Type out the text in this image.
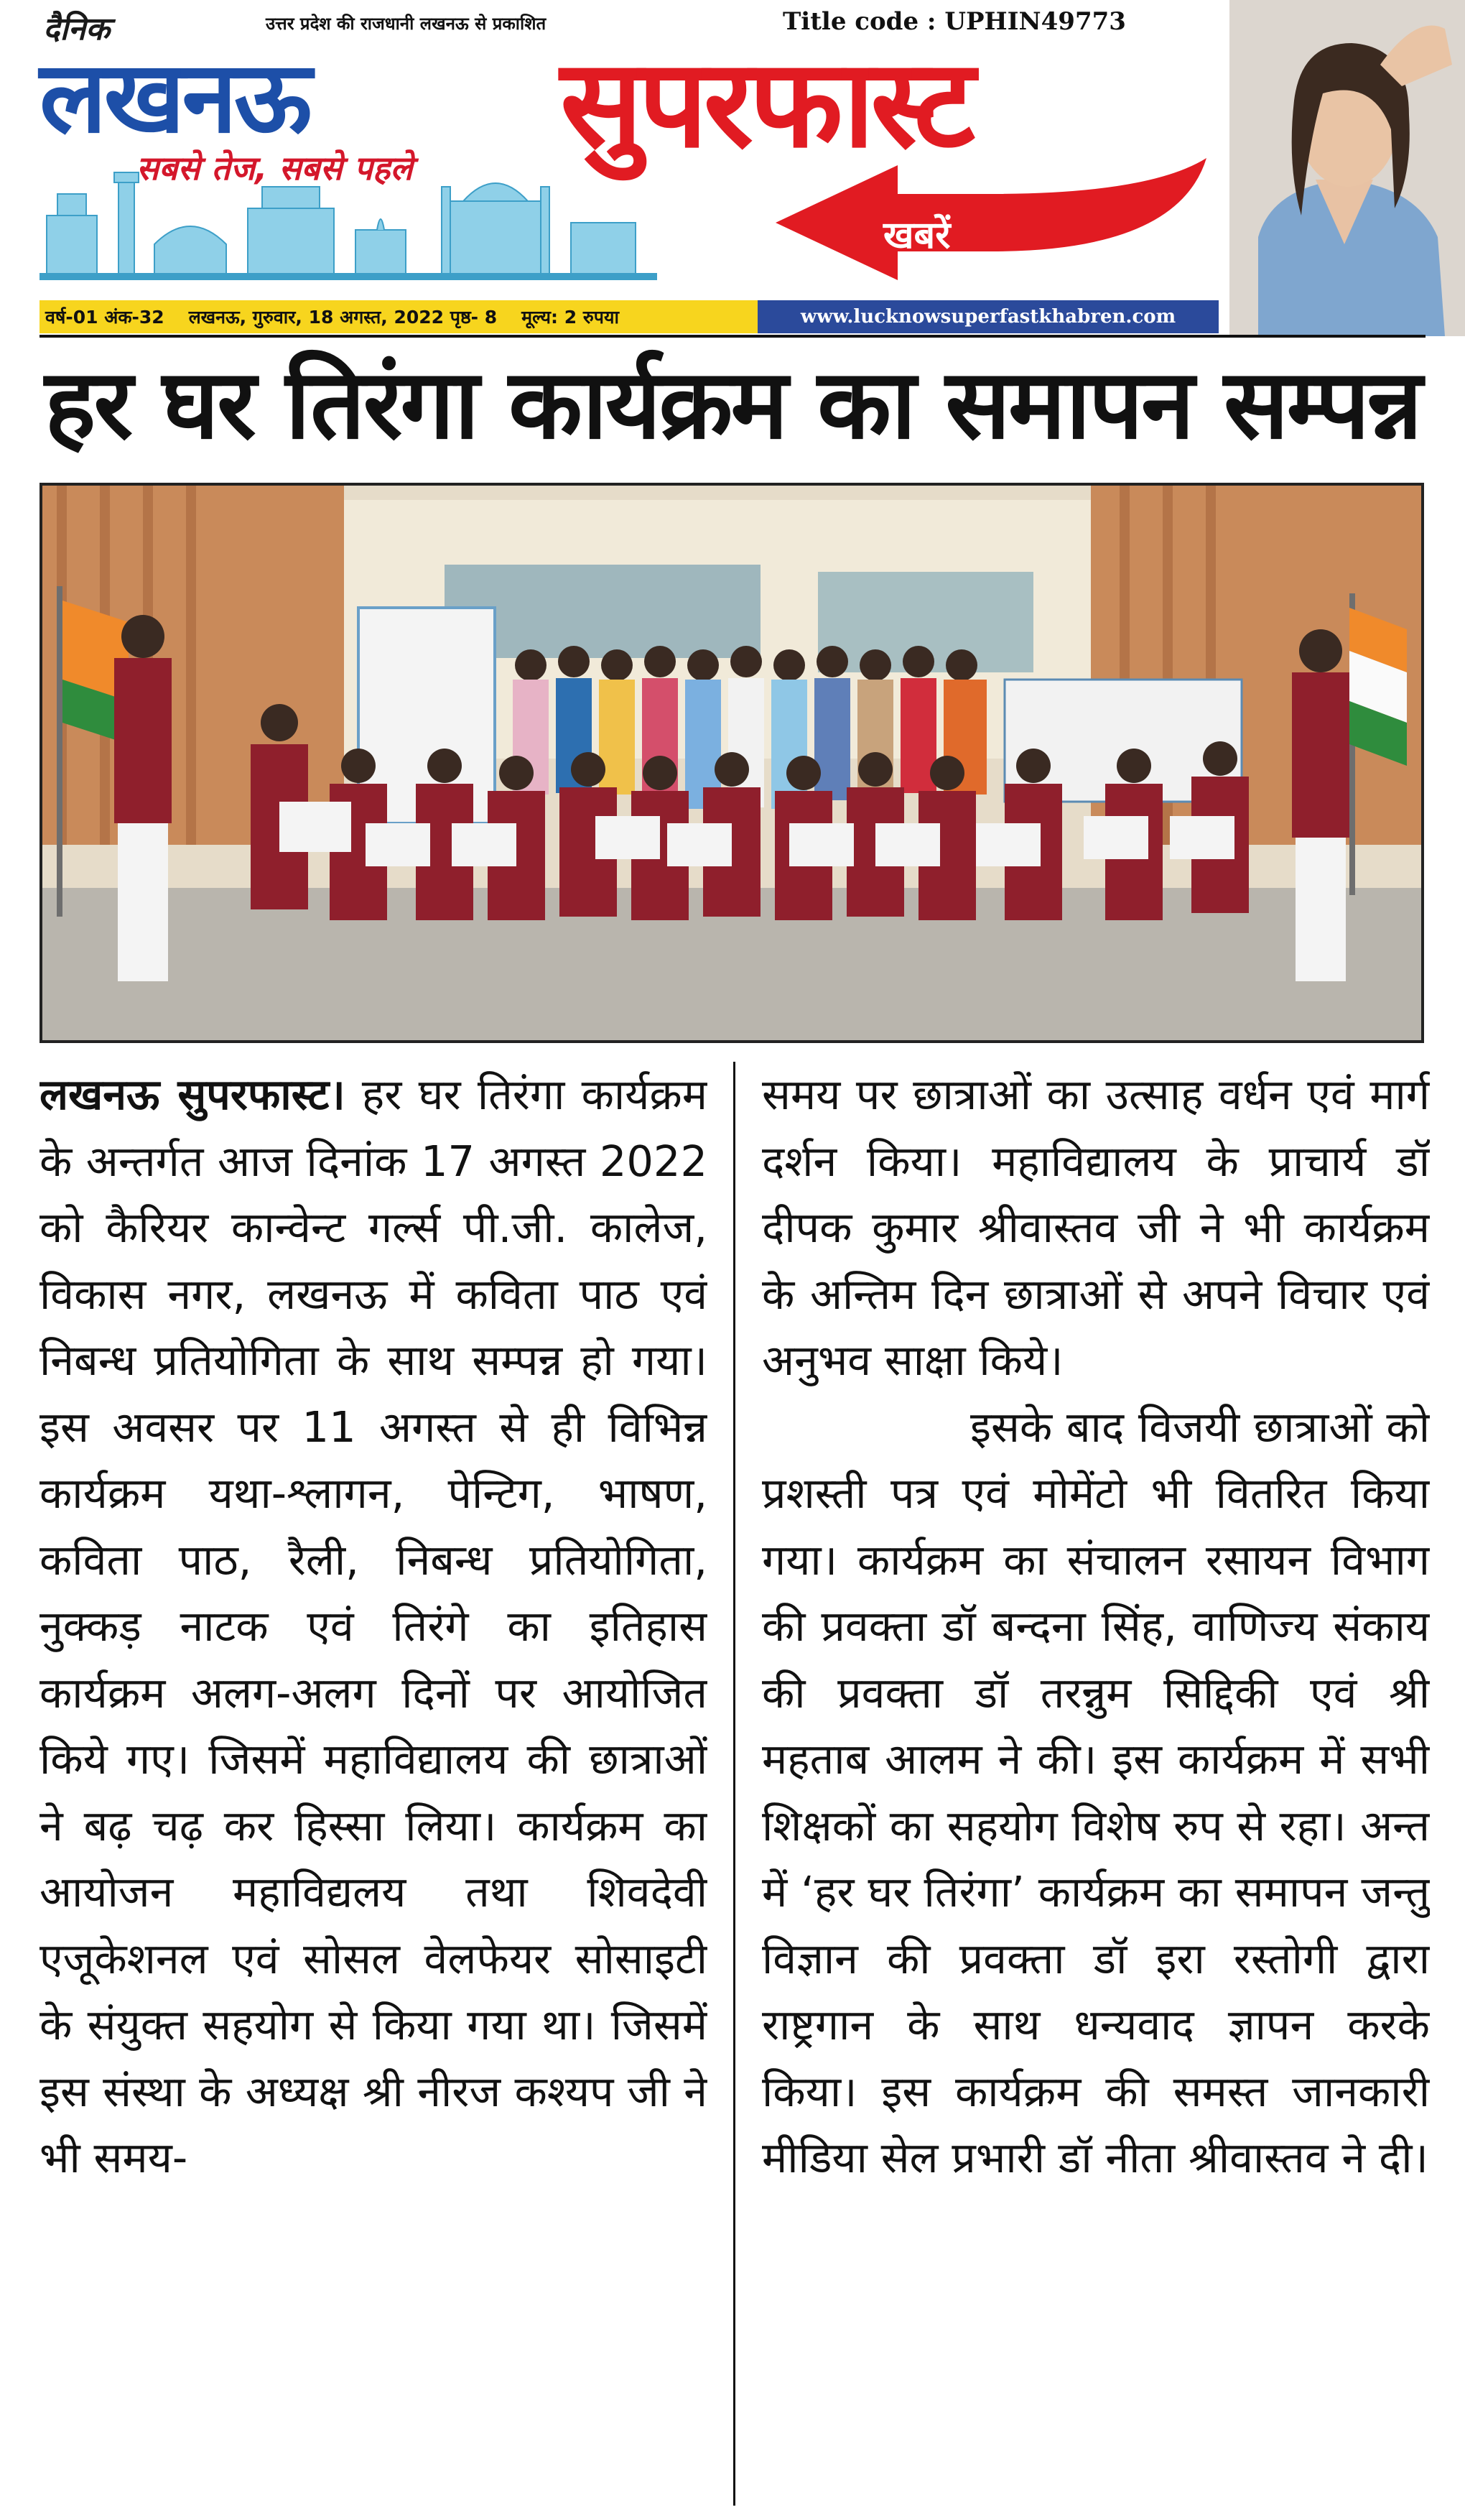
दैनिक	उत्तर प्रदेश की राजधानी लखनऊ से प्रकाशित	Title code : UPHIN49773
लखनऊ
सबसे तेज, सबसे पहले सुपरफास्ट
खबरें
वर्ष-01 अंक-32 लखनऊ, गुरुवार, 18 अगस्त, 2022 पृष्ठ- 8 मूल्य: 2 रुपया	www.lucknowsuperfastkhabren.com
हर घर तिरंगा कार्यक्रम का समापन सम्पन्न

लखनऊ सुपरफास्ट। हर घर तिरंगा कार्यक्रम के अन्तर्गत आज दिनांक 17 अगस्त 2022 को कैरियर कान्वेन्ट गर्ल्स पी.जी. कालेज, विकास नगर, लखनऊ में कविता पाठ एवं निबन्ध प्रतियोगिता के साथ सम्पन्न हो गया। इस अवसर पर 11 अगस्त से ही विभिन्न कार्यक्रम यथा-श्लागन, पेन्टिग, भाषण, कविता पाठ, रैली, निबन्ध प्रतियोगिता, नुक्कड़ नाटक एवं तिरंगे का इतिहास कार्यक्रम अलग-अलग दिनों पर आयोजित किये गए। जिसमें महाविद्यालय की छात्राओं ने बढ़ चढ़ कर हिस्सा लिया। कार्यक्रम का आयोजन महाविद्यलय तथा शिवदेवी एजूकेशनल एवं सोसल वेलफेयर सोसाइटी के संयुक्त सहयोग से किया गया था। जिसमें इस संस्था के अध्यक्ष श्री नीरज कश्यप जी ने भी समय-

समय पर छात्राओं का उत्साह वर्धन एवं मार्ग दर्शन किया। महाविद्यालय के प्राचार्य डॉ दीपक कुमार श्रीवास्तव जी ने भी कार्यक्रम के अन्तिम दिन छात्राओं से अपने विचार एवं अनुभव साक्षा किये।

इसके बाद विजयी छात्राओं को प्रशस्ती पत्र एवं मोमेंटो भी वितरित किया गया। कार्यक्रम का संचालन रसायन विभाग की प्रवक्ता डॉ बन्दना सिंह, वाणिज्य संकाय की प्रवक्ता डॉ तरन्नुम सिद्दिकी एवं श्री महताब आलम ने की। इस कार्यक्रम में सभी शिक्षकों का सहयोग विशेष रुप से रहा। अन्त में ‘हर घर तिरंगा’ कार्यक्रम का समापन जन्तु विज्ञान की प्रवक्ता डॉ इरा रस्तोगी द्वारा राष्ट्रगान के साथ धन्यवाद ज्ञापन करके किया। इस कार्यक्रम की समस्त जानकारी मीडिया सेल प्रभारी डॉ नीता श्रीवास्तव ने दी।
